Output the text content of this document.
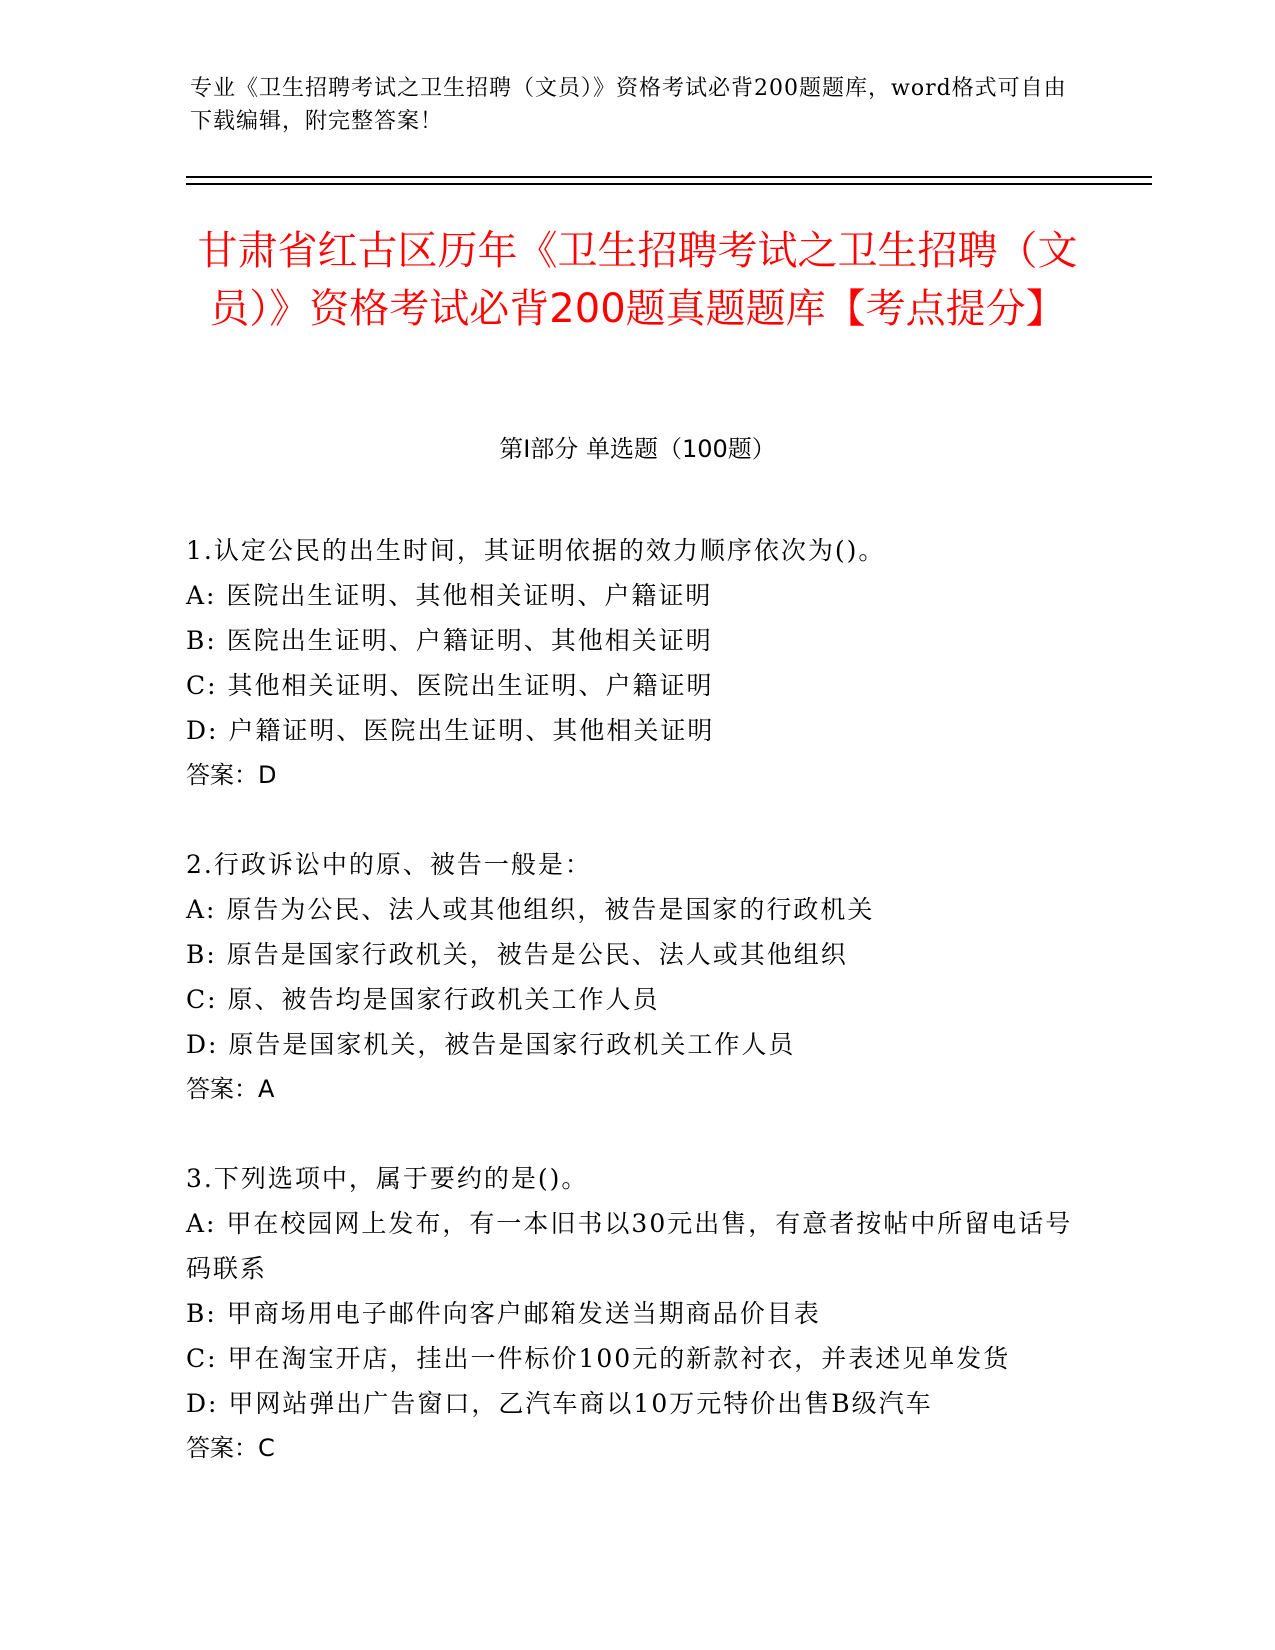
专业《卫生招聘考试之卫生招聘（文员）》资格考试必背200题题库，word格式可自由下载编辑，附完整答案！
甘肃省红古区历年《卫生招聘考试之卫生招聘（文员）》资格考试必背200题真题题库【考点提分】
第I部分 单选题（100题）
1.认定公民的出生时间，其证明依据的效力顺序依次为()。
A: 医院出生证明、其他相关证明、户籍证明
B: 医院出生证明、户籍证明、其他相关证明
C: 其他相关证明、医院出生证明、户籍证明
D: 户籍证明、医院出生证明、其他相关证明
答案：D
2.行政诉讼中的原、被告一般是：
A: 原告为公民、法人或其他组织，被告是国家的行政机关
B: 原告是国家行政机关，被告是公民、法人或其他组织
C: 原、被告均是国家行政机关工作人员
D: 原告是国家机关，被告是国家行政机关工作人员
答案：A
3.下列选项中，属于要约的是()。
A: 甲在校园网上发布，有一本旧书以30元出售，有意者按帖中所留电话号码联系
B: 甲商场用电子邮件向客户邮箱发送当期商品价目表
C: 甲在淘宝开店，挂出一件标价100元的新款衬衣，并表述见单发货
D: 甲网站弹出广告窗口，乙汽车商以10万元特价出售B级汽车
答案：C
